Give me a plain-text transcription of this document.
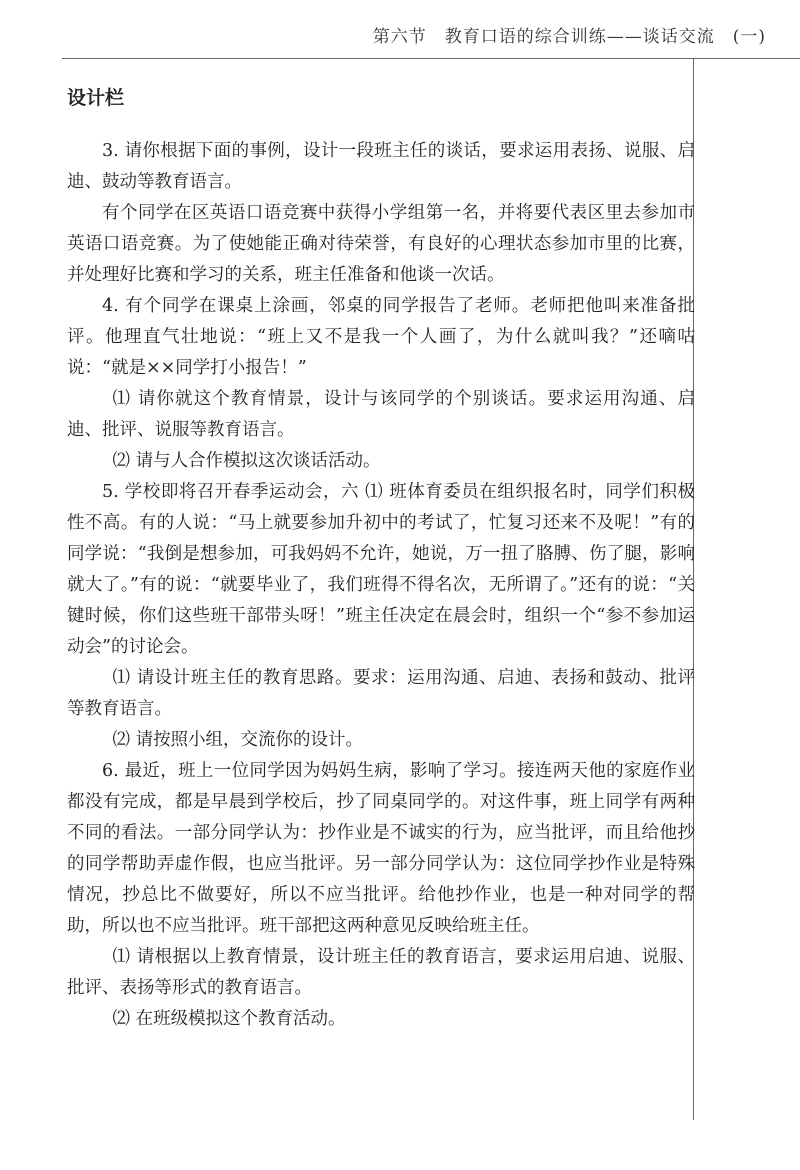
第六节　教育口语的综合训练——谈话交流　(一)
设计栏

3. 请你根据下面的事例，设计一段班主任的谈话，要求运用表扬、说服、启迪、鼓动等教育语言。

有个同学在区英语口语竞赛中获得小学组第一名，并将要代表区里去参加市英语口语竞赛。为了使她能正确对待荣誉，有良好的心理状态参加市里的比赛，并处理好比赛和学习的关系，班主任准备和他谈一次话。

4. 有个同学在课桌上涂画，邻桌的同学报告了老师。老师把他叫来准备批评。他理直气壮地说：“班上又不是我一个人画了，为什么就叫我？”还嘀咕说：“就是××同学打小报告！”

⑴ 请你就这个教育情景，设计与该同学的个别谈话。要求运用沟通、启迪、批评、说服等教育语言。

⑵ 请与人合作模拟这次谈话活动。

5. 学校即将召开春季运动会，六 ⑴ 班体育委员在组织报名时，同学们积极性不高。有的人说：“马上就要参加升初中的考试了，忙复习还来不及呢！”有的同学说：“我倒是想参加，可我妈妈不允许，她说，万一扭了胳膊、伤了腿，影响就大了。”有的说：“就要毕业了，我们班得不得名次，无所谓了。”还有的说：“关键时候，你们这些班干部带头呀！”班主任决定在晨会时，组织一个“参不参加运动会”的讨论会。

⑴ 请设计班主任的教育思路。要求：运用沟通、启迪、表扬和鼓动、批评等教育语言。

⑵ 请按照小组，交流你的设计。

6. 最近，班上一位同学因为妈妈生病，影响了学习。接连两天他的家庭作业都没有完成，都是早晨到学校后，抄了同桌同学的。对这件事，班上同学有两种不同的看法。一部分同学认为：抄作业是不诚实的行为，应当批评，而且给他抄的同学帮助弄虚作假，也应当批评。另一部分同学认为：这位同学抄作业是特殊情况，抄总比不做要好，所以不应当批评。给他抄作业，也是一种对同学的帮助，所以也不应当批评。班干部把这两种意见反映给班主任。

⑴ 请根据以上教育情景，设计班主任的教育语言，要求运用启迪、说服、批评、表扬等形式的教育语言。

⑵ 在班级模拟这个教育活动。
